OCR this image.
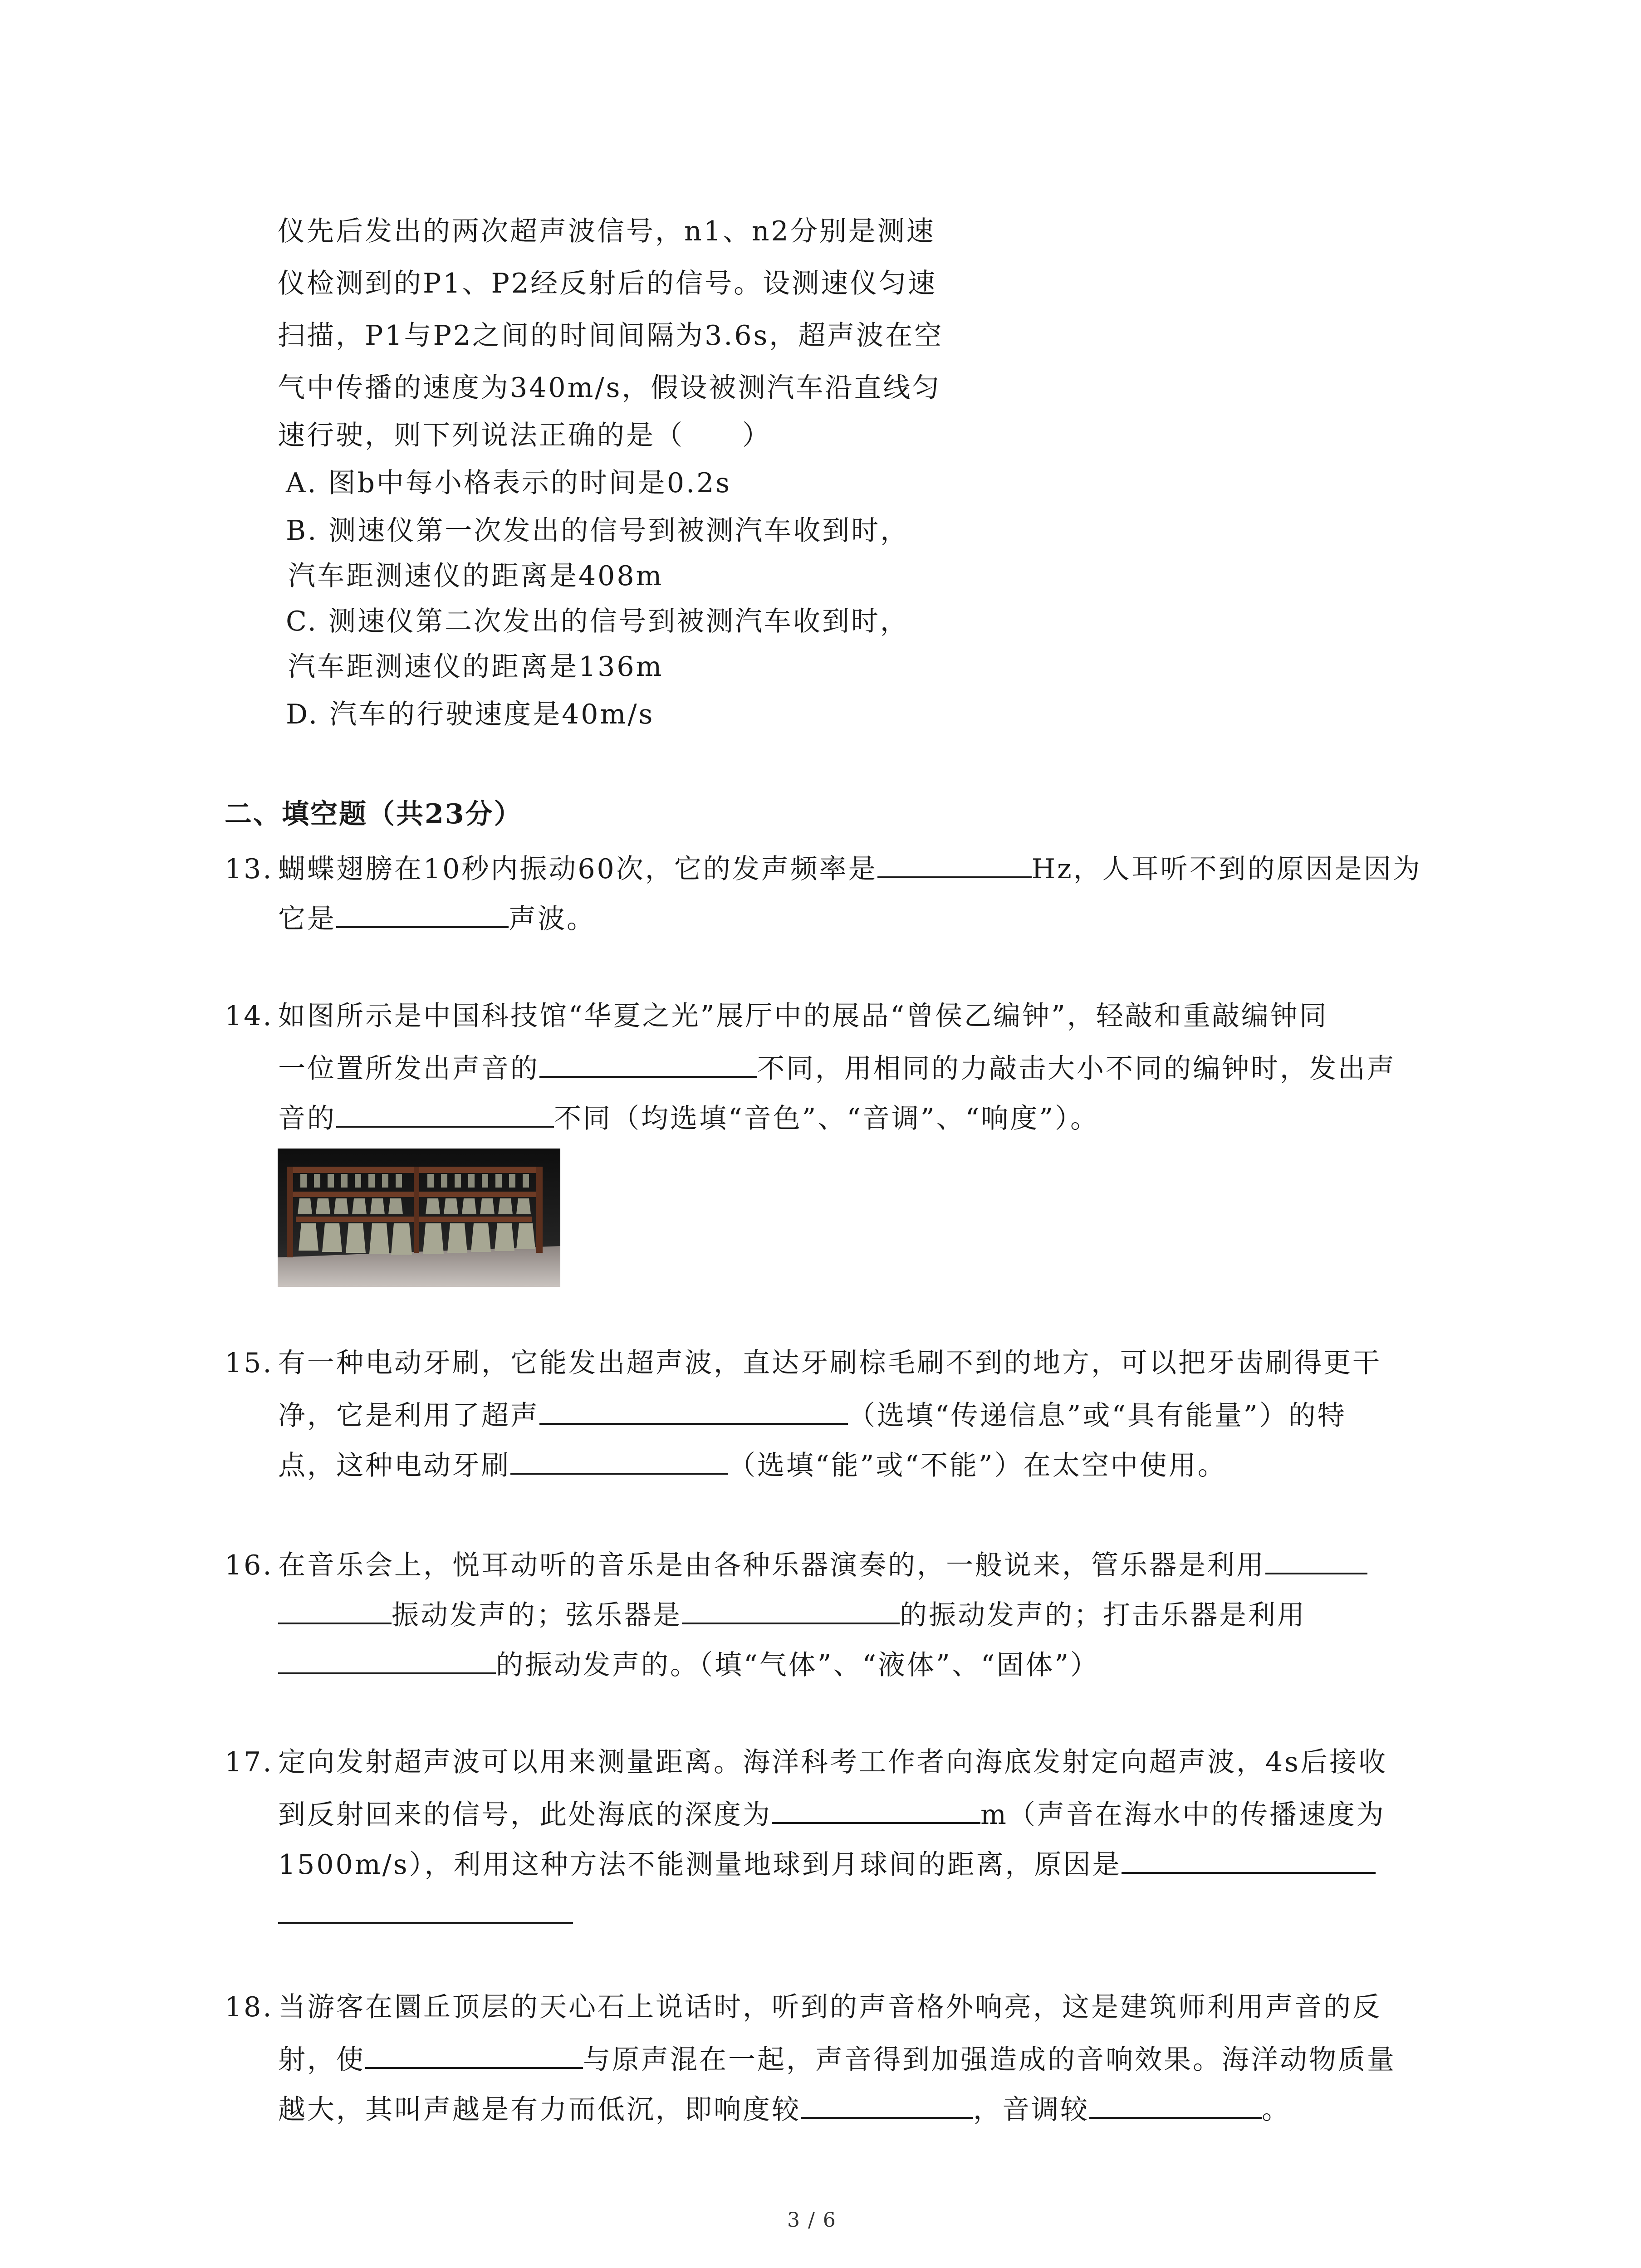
仪先后发出的两次超声波信号，n1、n2分别是测速
仪检测到的P1、P2经反射后的信号。设测速仪匀速
扫描，P1与P2之间的时间间隔为3.6s，超声波在空
气中传播的速度为340m/s，假设被测汽车沿直线匀
速行驶，则下列说法正确的是（　　）
A. 图b中每小格表示的时间是0.2s
B. 测速仪第一次发出的信号到被测汽车收到时，
汽车距测速仪的距离是408m
C. 测速仪第二次发出的信号到被测汽车收到时，
汽车距测速仪的距离是136m
D. 汽车的行驶速度是40m/s
二、填空题（共23分）
13. 蝴蝶翅膀在10秒内振动60次，它的发声频率是	Hz，人耳听不到的原因是因为
它是	声波。
14. 如图所示是中国科技馆“华夏之光”展厅中的展品“曾侯乙编钟”，轻敲和重敲编钟同
一位置所发出声音的	不同，用相同的力敲击大小不同的编钟时，发出声
音的	不同（均选填“音色”、“音调”、“响度”）。
15. 有一种电动牙刷，它能发出超声波，直达牙刷棕毛刷不到的地方，可以把牙齿刷得更干
净，它是利用了超声	（选填“传递信息”或“具有能量”）的特
点，这种电动牙刷	（选填“能”或“不能”）在太空中使用。
16. 在音乐会上，悦耳动听的音乐是由各种乐器演奏的，一般说来，管乐器是利用
振动发声的；弦乐器是	的振动发声的；打击乐器是利用
的振动发声的。（填“气体”、“液体”、“固体”）
17. 定向发射超声波可以用来测量距离。海洋科考工作者向海底发射定向超声波，4s后接收
到反射回来的信号，此处海底的深度为	m（声音在海水中的传播速度为
1500m/s），利用这种方法不能测量地球到月球间的距离，原因是
18. 当游客在圜丘顶层的天心石上说话时，听到的声音格外响亮，这是建筑师利用声音的反
射，使	与原声混在一起，声音得到加强造成的音响效果。海洋动物质量
越大，其叫声越是有力而低沉，即响度较	，音调较	。
3 / 6
